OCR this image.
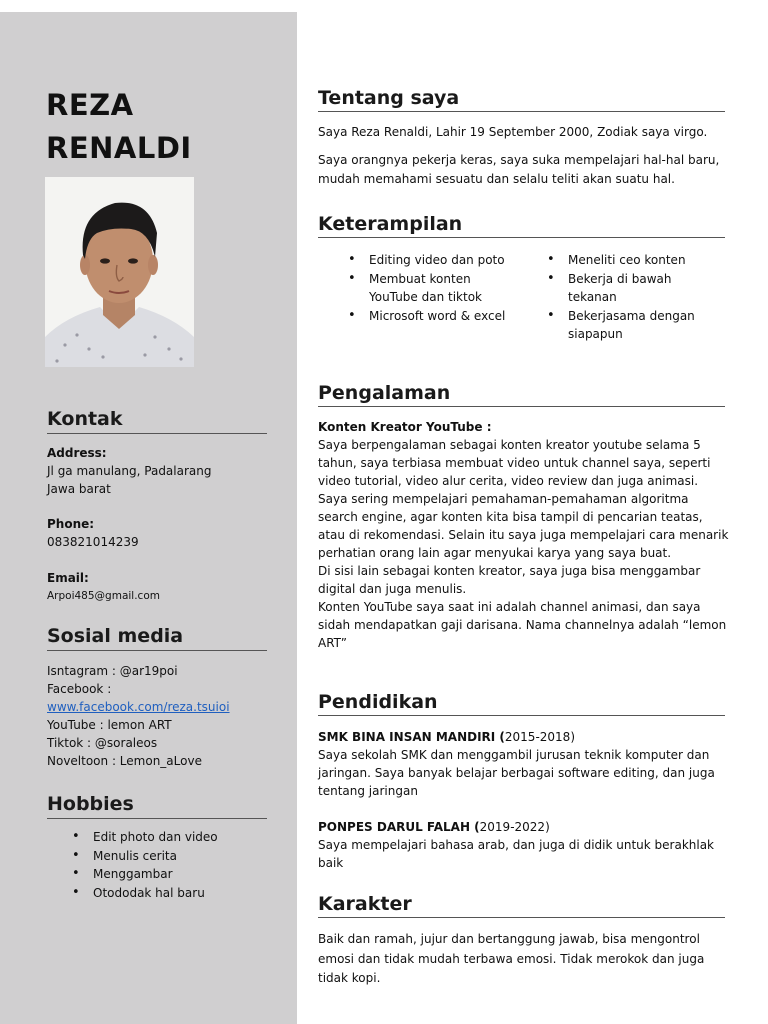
REZA
RENALDI
Kontak
Address:
Jl ga manulang, Padalarang
Jawa barat
Phone:
083821014239
Email:
Arpoi485@gmail.com
Sosial media
Isntagram : @ar19poi
Facebook :
www.facebook.com/reza.tsuioi
YouTube : lemon ART
Tiktok : @soraleos
Noveltoon : Lemon_aLove
Hobbies
• Edit photo dan video
• Menulis cerita
• Menggambar
• Otododak hal baru
Tentang saya

Saya Reza Renaldi, Lahir 19 September 2000, Zodiak saya virgo.

Saya orangnya pekerja keras, saya suka mempelajari hal-hal baru, mudah memahami sesuatu dan selalu teliti akan suatu hal.

Keterampilan
• Editing video dan poto
• Membuat konten YouTube dan tiktok
• Microsoft word & excel
• Meneliti ceo konten
• Bekerja di bawah tekanan
• Bekerjasama dengan siapapun
Pengalaman

Konten Kreator YouTube :

Saya berpengalaman sebagai konten kreator youtube selama 5 tahun, saya terbiasa membuat video untuk channel saya, seperti video tutorial, video alur cerita, video review dan juga animasi. Saya sering mempelajari pemahaman-pemahaman algoritma search engine, agar konten kita bisa tampil di pencarian teatas, atau di rekomendasi. Selain itu saya juga mempelajari cara menarik perhatian orang lain agar menyukai karya yang saya buat.

Di sisi lain sebagai konten kreator, saya juga bisa menggambar digital dan juga menulis.

Konten YouTube saya saat ini adalah channel animasi, dan saya sidah mendapatkan gaji darisana. Nama channelnya adalah “lemon ART”

Pendidikan

SMK BINA INSAN MANDIRI (2015-2018)

Saya sekolah SMK dan menggambil jurusan teknik komputer dan jaringan. Saya banyak belajar berbagai software editing, dan juga tentang jaringan

PONPES DARUL FALAH (2019-2022)

Saya mempelajari bahasa arab, dan juga di didik untuk berakhlak baik

Karakter

Baik dan ramah, jujur dan bertanggung jawab, bisa mengontrol emosi dan tidak mudah terbawa emosi. Tidak merokok dan juga tidak kopi.
